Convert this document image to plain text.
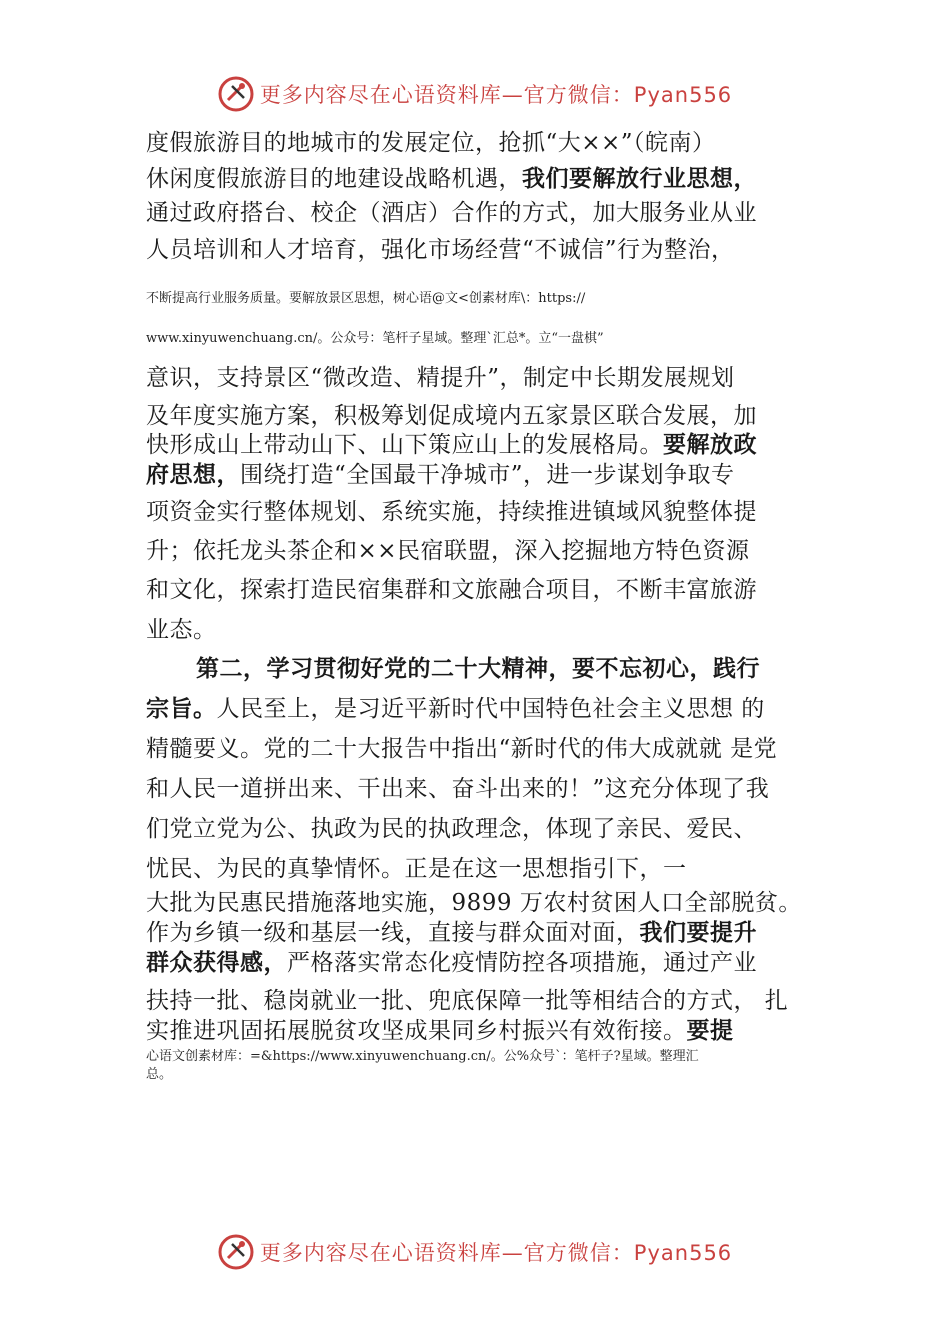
更多内容尽在心语资料库—官方微信：Pyan556
度假旅游目的地城市的发展定位，抢抓“大××”（皖南）
休闲度假旅游目的地建设战略机遇，我们要解放行业思想，
通过政府搭台、校企（酒店）合作的方式，加大服务业从业
人员培训和人才培育，强化市场经营“不诚信”行为整治，
不断提高行业服务质量。要解放景区思想，树心语@文<创素材库\：https://
www.xinyuwenchuang.cn/。公众号：笔杆子星域。整理`汇总*。立“一盘棋”
意识，支持景区“微改造、精提升”，制定中长期发展规划
及年度实施方案，积极筹划促成境内五家景区联合发展，加
快形成山上带动山下、山下策应山上的发展格局。要解放政
府思想，围绕打造“全国最干净城市”，进一步谋划争取专
项资金实行整体规划、系统实施，持续推进镇域风貌整体提
升；依托龙头茶企和××民宿联盟，深入挖掘地方特色资源
和文化，探索打造民宿集群和文旅融合项目，不断丰富旅游
业态。
第二，学习贯彻好党的二十大精神，要不忘初心，践行
宗旨。人民至上，是习近平新时代中国特色社会主义思想 的
精髓要义。党的二十大报告中指出“新时代的伟大成就就 是党
和人民一道拼出来、干出来、奋斗出来的！”这充分体现了我
们党立党为公、执政为民的执政理念，体现了亲民、爱民、
忧民、为民的真挚情怀。正是在这一思想指引下，一
大批为民惠民措施落地实施，9899 万农村贫困人口全部脱贫。
作为乡镇一级和基层一线，直接与群众面对面，我们要提升
群众获得感，严格落实常态化疫情防控各项措施，通过产业
扶持一批、稳岗就业一批、兜底保障一批等相结合的方式， 扎
实推进巩固拓展脱贫攻坚成果同乡村振兴有效衔接。要提
心语文创素材库：=&https://www.xinyuwenchuang.cn/。公%众号`：笔杆子?星域。整理汇
总。
更多内容尽在心语资料库—官方微信：Pyan556
